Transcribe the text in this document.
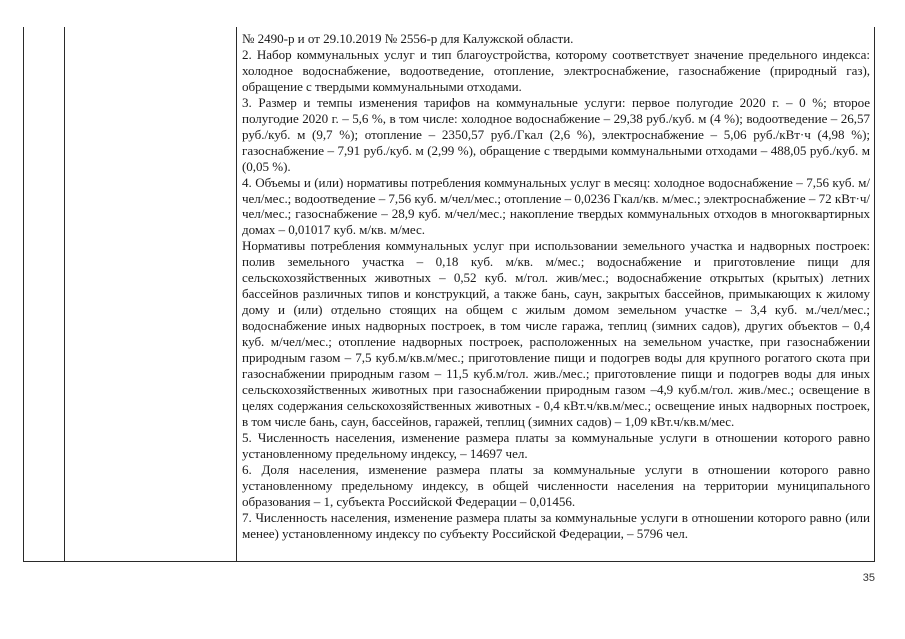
№ 2490-р и от 29.10.2019 № 2556-р для Калужской области.

2. Набор коммунальных услуг и тип благоустройства, которому соответствует значение предельного индекса: холодное водоснабжение, водоотведение, отопление, электроснабжение, газоснабжение (природный газ), обращение с твердыми коммунальными отходами.

3. Размер и темпы изменения тарифов на коммунальные услуги: первое полугодие 2020 г. – 0 %; второе полугодие 2020 г. – 5,6 %, в том числе: холодное водоснабжение – 29,38 руб./куб. м (4 %); водоотведение – 26,57 руб./куб. м (9,7 %); отопление – 2350,57 руб./Гкал (2,6 %), электроснабжение – 5,06 руб./кВт·ч (4,98 %); газоснабжение – 7,91 руб./куб. м (2,99 %), обращение с твердыми коммунальными отходами – 488,05 руб./куб. м (0,05 %).

4. Объемы и (или) нормативы потребления коммунальных услуг в месяц: холодное водоснабжение – 7,56 куб. м/чел/мес.; водоотведение – 7,56 куб. м/чел/мес.; отопление – 0,0236 Гкал/кв. м/мес.; электроснабжение – 72 кВт·ч/чел/мес.; газоснабжение – 28,9 куб. м/чел/мес.; накопление твердых коммунальных отходов в многоквартирных домах – 0,01017 куб. м/кв. м/мес.

Нормативы потребления коммунальных услуг при использовании земельного участка и надворных построек: полив земельного участка – 0,18 куб. м/кв. м/мес.; водоснабжение и приготовление пищи для сельскохозяйственных животных – 0,52 куб. м/гол. жив/мес.; водоснабжение открытых (крытых) летних бассейнов различных типов и конструкций, а также бань, саун, закрытых бассейнов, примыкающих к жилому дому и (или) отдельно стоящих на общем с жилым домом земельном участке – 3,4 куб. м./чел/мес.; водоснабжение иных надворных построек, в том числе гаража, теплиц (зимних садов), других объектов – 0,4 куб. м/чел/мес.; отопление надворных построек, расположенных на земельном участке, при газоснабжении природным газом – 7,5 куб.м/кв.м/мес.; приготовление пищи и подогрев воды для крупного рогатого скота при газоснабжении природным газом – 11,5 куб.м/гол. жив./мес.; приготовление пищи и подогрев воды для иных сельскохозяйственных животных при газоснабжении природным газом –4,9 куб.м/гол. жив./мес.; освещение в целях содержания сельскохозяйственных животных - 0,4 кВт.ч/кв.м/мес.; освещение иных надворных построек, в том числе бань, саун, бассейнов, гаражей, теплиц (зимних садов) – 1,09 кВт.ч/кв.м/мес.

5. Численность населения, изменение размера платы за коммунальные услуги в отношении которого равно установленному предельному индексу, – 14697 чел.

6. Доля населения, изменение размера платы за коммунальные услуги в отношении которого равно установленному предельному индексу, в общей численности населения на территории муниципального образования – 1, субъекта Российской Федерации – 0,01456.

7. Численность населения, изменение размера платы за коммунальные услуги в отношении которого равно (или менее) установленному индексу по субъекту Российской Федерации, – 5796 чел.

35
